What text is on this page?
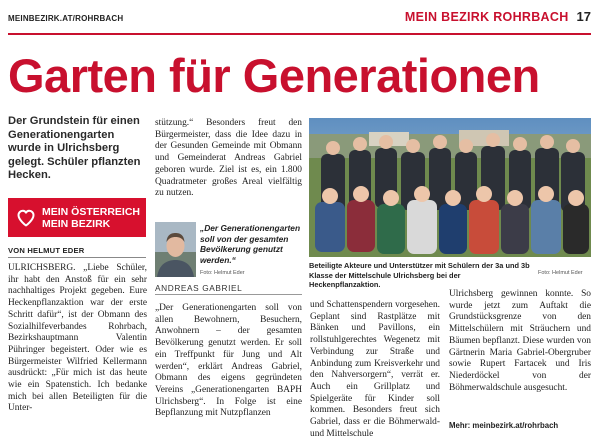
MEINBEZIRK.AT/ROHRBACH	MEIN BEZIRK ROHRBACH 17
Garten für Generationen
Der Grundstein für einen Generationengarten wurde in Ulrichsberg gelegt. Schüler pflanzten Hecken.
MEIN ÖSTERREICH
MEIN BEZIRK
VON HELMUT EDER

ULRICHSBERG. „Liebe Schüler, ihr habt den Anstoß für ein sehr nachhaltiges Projekt gegeben. Eure Heckenpflanzaktion war der erste Schritt dafür“, ist der Obmann des Sozialhilfeverbandes Rohrbach, Bezirkshauptmann Valentin Pühringer begeistert. Oder wie es Bürgermeister Wilfried Kellermann ausdrückt: „Für mich ist das heute wie ein Spatenstich. Ich bedanke mich bei allen Beteiligten für die Unter-

stützung.“ Besonders freut den Bürgermeister, dass die Idee dazu in der Gesunden Gemeinde mit Obmann und Gemeinderat Andreas Gabriel geboren wurde. Ziel ist es, ein 1.800 Quadratmeter großes Areal vielfältig zu nutzen.

„Der Generationengarten soll von der gesamten Bevölkerung genutzt werden.“
Foto: Helmut Eder
ANDREAS GABRIEL

„Der Generationengarten soll von allen Bewohnern, Besuchern, Anwohnern – der gesamten Bevölkerung genutzt werden. Er soll ein Treffpunkt für Jung und Alt werden“, erklärt Andreas Gabriel, Obmann des eigens gegründeten Vereins „Generationengarten BAPH Ulrichsberg“. In Folge ist eine Bepflanzung mit Nutzpflanzen

Beteiligte Akteure und Unterstützer mit Schülern der 3a und 3b Klasse der Mittelschule Ulrichsberg bei der Heckenpflanzaktion.
Foto: Helmut Eder

und Schattenspendern vorgesehen. Geplant sind Rastplätze mit Bänken und Pavillons, ein rollstuhlgerechtes Wegenetz mit Verbindung zur Straße und Anbindung zum Kreisverkehr und den Nahversorgern“, verrät er. Auch ein Grillplatz und Spielgeräte für Kinder soll kommen. Besonders freut sich Gabriel, dass er die Böhmerwald- und Mittelschule

Ulrichsberg gewinnen konnte. So wurde jetzt zum Auftakt die Grundstücksgrenze von den Mittelschülern mit Sträuchern und Bäumen bepflanzt. Diese wurden von Gärtnerin Maria Gabriel-Obergruber sowie Rupert Fartacek und Iris Niederdöckel von der Böhmerwaldschule ausgesucht.

Mehr: meinbezirk.at/rohrbach
